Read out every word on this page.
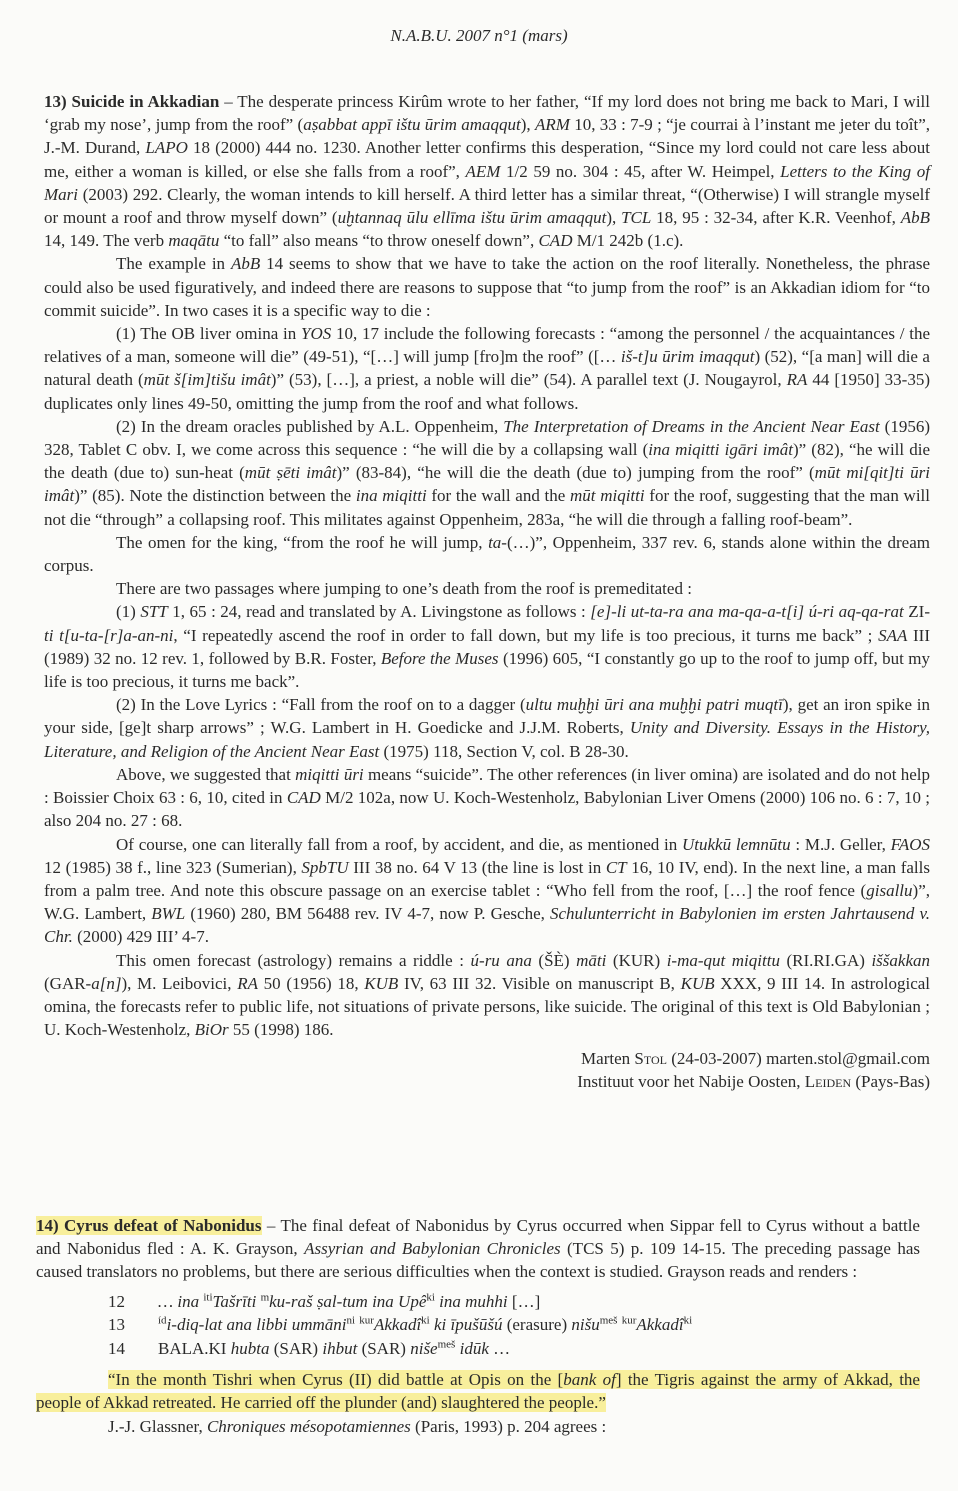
N.A.B.U. 2007 n°1 (mars)

13) Suicide in Akkadian – The desperate princess Kirûm wrote to her father, “If my lord does not bring me back to Mari, I will ‘grab my nose’, jump from the roof” (aṣabbat appī ištu ūrim amaqqut), ARM 10, 33 : 7-9 ; “je courrai à l’instant me jeter du toît”, J.-M. Durand, LAPO 18 (2000) 444 no. 1230. Another letter confirms this desperation, “Since my lord could not care less about me, either a woman is killed, or else she falls from a roof”, AEM 1/2 59 no. 304 : 45, after W. Heimpel, Letters to the King of Mari (2003) 292. Clearly, the woman intends to kill herself. A third letter has a similar threat, “(Otherwise) I will strangle myself or mount a roof and throw myself down” (uḫtannaq ūlu ellīma ištu ūrim amaqqut), TCL 18, 95 : 32-34, after K.R. Veenhof, AbB 14, 149. The verb maqātu “to fall” also means “to throw oneself down”, CAD M/1 242b (1.c).

The example in AbB 14 seems to show that we have to take the action on the roof literally. Nonetheless, the phrase could also be used figuratively, and indeed there are reasons to suppose that “to jump from the roof” is an Akkadian idiom for “to commit suicide”. In two cases it is a specific way to die :

(1) The OB liver omina in YOS 10, 17 include the following forecasts : “among the personnel / the acquaintances / the relatives of a man, someone will die” (49-51), “[…] will jump [fro]m the roof” ([… iš-t]u ūrim imaqqut) (52), “[a man] will die a natural death (mūt š[im]tišu imât)” (53), […], a priest, a noble will die” (54). A parallel text (J. Nougayrol, RA 44 [1950] 33-35) duplicates only lines 49-50, omitting the jump from the roof and what follows.

(2) In the dream oracles published by A.L. Oppenheim, The Interpretation of Dreams in the Ancient Near East (1956) 328, Tablet C obv. I, we come across this sequence : “he will die by a collapsing wall (ina miqitti igāri imât)” (82), “he will die the death (due to) sun-heat (mūt ṣēti imât)” (83-84), “he will die the death (due to) jumping from the roof” (mūt mi[qit]ti ūri imât)” (85). Note the distinction between the ina miqitti for the wall and the mūt miqitti for the roof, suggesting that the man will not die “through” a collapsing roof. This militates against Oppenheim, 283a, “he will die through a falling roof-beam”.

The omen for the king, “from the roof he will jump, ta-(…)”, Oppenheim, 337 rev. 6, stands alone within the dream corpus.

There are two passages where jumping to one’s death from the roof is premeditated :

(1) STT 1, 65 : 24, read and translated by A. Livingstone as follows : [e]-li ut-ta-ra ana ma-qa-a-t[i] ú-ri aq-qa-rat ZI-ti t[u-ta-[r]a-an-ni, “I repeatedly ascend the roof in order to fall down, but my life is too precious, it turns me back” ; SAA III (1989) 32 no. 12 rev. 1, followed by B.R. Foster, Before the Muses (1996) 605, “I constantly go up to the roof to jump off, but my life is too precious, it turns me back”.

(2) In the Love Lyrics : “Fall from the roof on to a dagger (ultu muḫḫi ūri ana muḫḫi patri muqtī), get an iron spike in your side, [ge]t sharp arrows” ; W.G. Lambert in H. Goedicke and J.J.M. Roberts, Unity and Diversity. Essays in the History, Literature, and Religion of the Ancient Near East (1975) 118, Section V, col. B 28-30.

Above, we suggested that miqitti ūri means “suicide”. The other references (in liver omina) are isolated and do not help : Boissier Choix 63 : 6, 10, cited in CAD M/2 102a, now U. Koch-Westenholz, Babylonian Liver Omens (2000) 106 no. 6 : 7, 10 ; also 204 no. 27 : 68.

Of course, one can literally fall from a roof, by accident, and die, as mentioned in Utukkū lemnūtu : M.J. Geller, FAOS 12 (1985) 38 f., line 323 (Sumerian), SpbTU III 38 no. 64 V 13 (the line is lost in CT 16, 10 IV, end). In the next line, a man falls from a palm tree. And note this obscure passage on an exercise tablet : “Who fell from the roof, […] the roof fence (gisallu)”, W.G. Lambert, BWL (1960) 280, BM 56488 rev. IV 4-7, now P. Gesche, Schulunterricht in Babylonien im ersten Jahrtausend v. Chr. (2000) 429 III’ 4-7.

This omen forecast (astrology) remains a riddle : ú-ru ana (ŠÈ) māti (KUR) i-ma-qut miqittu (RI.RI.GA) iššakkan (GAR-a[n]), M. Leibovici, RA 50 (1956) 18, KUB IV, 63 III 32. Visible on manuscript B, KUB XXX, 9 III 14. In astrological omina, the forecasts refer to public life, not situations of private persons, like suicide. The original of this text is Old Babylonian ; U. Koch-Westenholz, BiOr 55 (1998) 186.

Marten Stol (24-03-2007) marten.stol@gmail.com
Instituut voor het Nabije Oosten, Leiden (Pays-Bas)

14) Cyrus defeat of Nabonidus – The final defeat of Nabonidus by Cyrus occurred when Sippar fell to Cyrus without a battle and Nabonidus fled : A. K. Grayson, Assyrian and Babylonian Chronicles (TCS 5) p. 109 14-15. The preceding passage has caused translators no problems, but there are serious difficulties when the context is studied. Grayson reads and renders :

12	… ina $^{iti}$Tašrīti $^m$ku-raš ṣal-tum ina Upê$^{ki}$ ina muhhi […]
13	$^{íd}$i-diq-lat ana libbi ummāni$^{ni}$ $^{kur}$Akkadî$^{ki}$ ki īpušūšú (erasure) nišu$^{meš}$ $^{kur}$Akkadî$^{ki}$
14	BALA.KI hubta (SAR) ihbut (SAR) niše$^{meš}$ idūk …

“In the month Tishri when Cyrus (II) did battle at Opis on the [bank of] the Tigris against the army of Akkad, the people of Akkad retreated. He carried off the plunder (and) slaughtered the people.”

J.-J. Glassner, Chroniques mésopotamiennes (Paris, 1993) p. 204 agrees :
